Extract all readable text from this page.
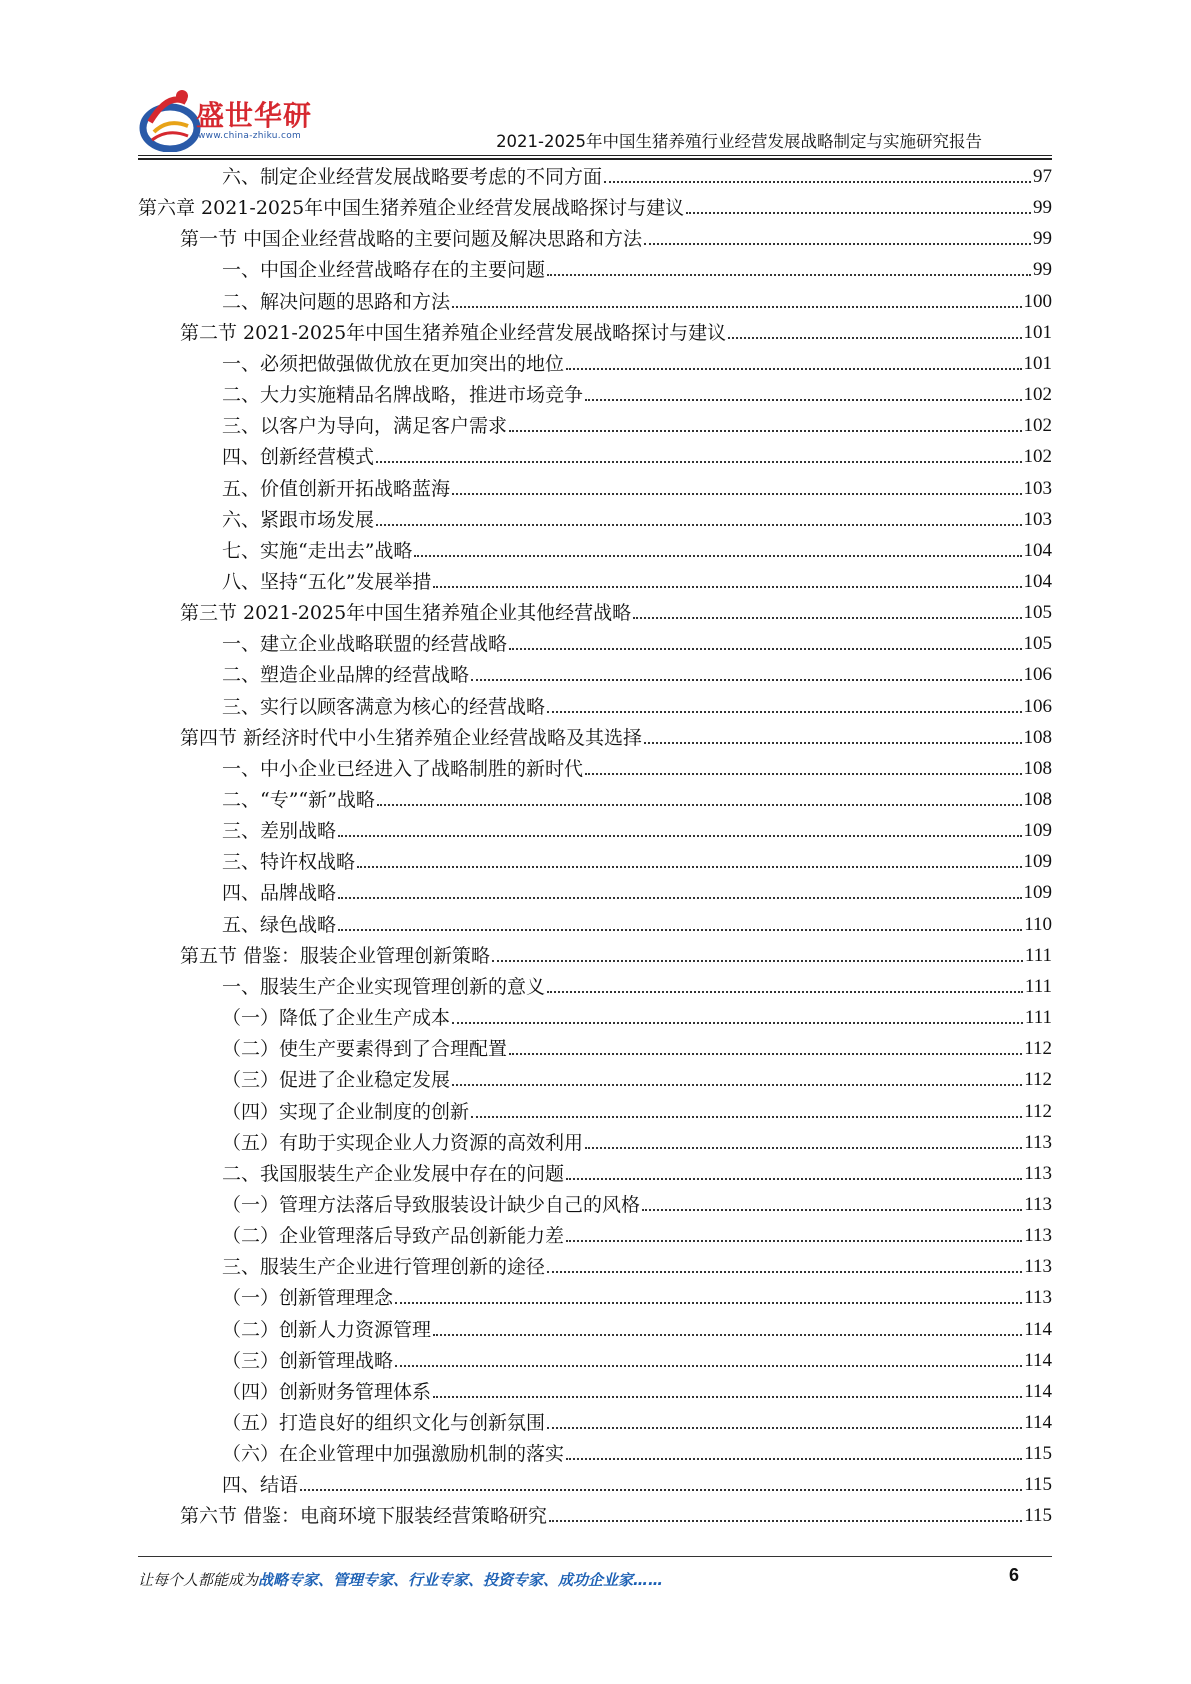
盛世华研
www.china-zhiku.com	2021-2025年中国生猪养殖行业经营发展战略制定与实施研究报告
六、制定企业经营发展战略要考虑的不同方面	97
第六章 2021-2025年中国生猪养殖企业经营发展战略探讨与建议	99
第一节 中国企业经营战略的主要问题及解决思路和方法	99
一、中国企业经营战略存在的主要问题	99
二、解决问题的思路和方法	100
第二节 2021-2025年中国生猪养殖企业经营发展战略探讨与建议	101
一、必须把做强做优放在更加突出的地位	101
二、大力实施精品名牌战略，推进市场竞争	102
三、以客户为导向，满足客户需求	102
四、创新经营模式	102
五、价值创新开拓战略蓝海	103
六、紧跟市场发展	103
七、实施“走出去”战略	104
八、坚持“五化”发展举措	104
第三节 2021-2025年中国生猪养殖企业其他经营战略	105
一、建立企业战略联盟的经营战略	105
二、塑造企业品牌的经营战略	106
三、实行以顾客满意为核心的经营战略	106
第四节 新经济时代中小生猪养殖企业经营战略及其选择	108
一、中小企业已经进入了战略制胜的新时代	108
二、“专”“新”战略	108
三、差别战略	109
三、特许权战略	109
四、品牌战略	109
五、绿色战略	110
第五节 借鉴：服装企业管理创新策略	111
一、服装生产企业实现管理创新的意义	111
（一）降低了企业生产成本	111
（二）使生产要素得到了合理配置	112
（三）促进了企业稳定发展	112
（四）实现了企业制度的创新	112
（五）有助于实现企业人力资源的高效利用	113
二、我国服装生产企业发展中存在的问题	113
（一）管理方法落后导致服装设计缺少自己的风格	113
（二）企业管理落后导致产品创新能力差	113
三、服装生产企业进行管理创新的途径	113
（一）创新管理理念	113
（二）创新人力资源管理	114
（三）创新管理战略	114
（四）创新财务管理体系	114
（五）打造良好的组织文化与创新氛围	114
（六）在企业管理中加强激励机制的落实	115
四、结语	115
第六节 借鉴：电商环境下服装经营策略研究	115
让每个人都能成为战略专家、管理专家、行业专家、投资专家、成功企业家……	6
